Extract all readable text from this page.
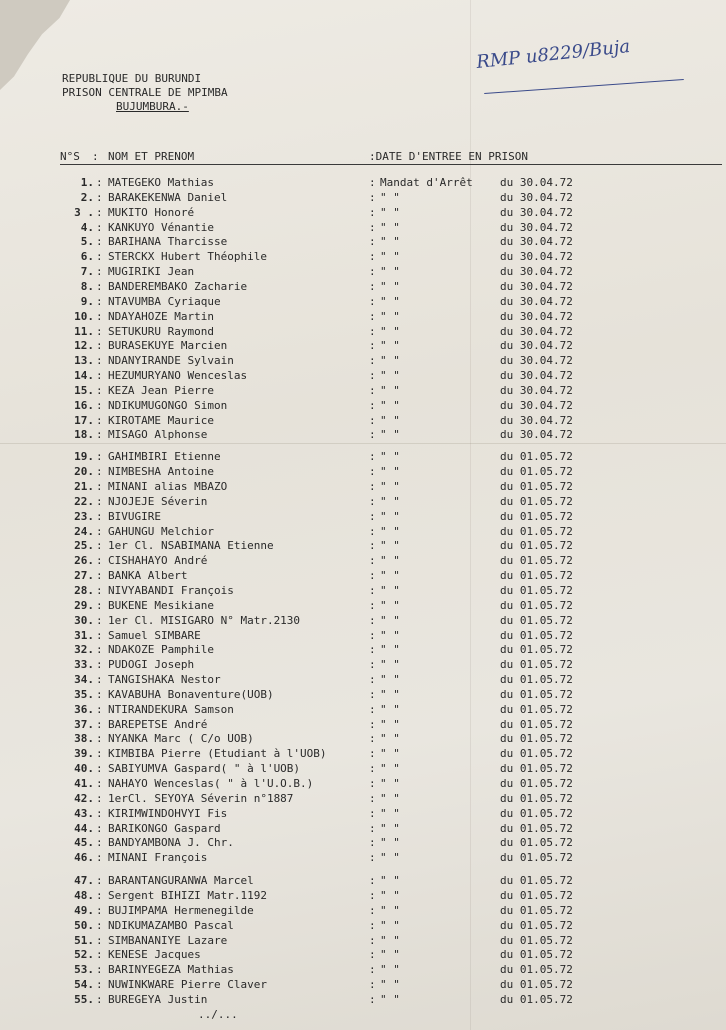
REPUBLIQUE DU BURUNDI
PRISON CENTRALE DE MPIMBA
BUJUMBURA.-
RMP u8229/Buja
N°S : NOM ET PRENOM	:DATE D'ENTREE EN PRISON
1. : MATEGEKO Mathias	: Mandat d'Arrêt du 30.04.72
2. : BARAKEKENWA Daniel	: " "	du 30.04.72
3 . : MUKITO Honoré	: " "	du 30.04.72
4. : KANKUYO Vénantie	: " "	du 30.04.72
5. : BARIHANA Tharcisse	: " "	du 30.04.72
6. : STERCKX Hubert Théophile	: " "	du 30.04.72
7. : MUGIRIKI Jean	: " "	du 30.04.72
8. : BANDEREMBAKO Zacharie	: " "	du 30.04.72
9. : NTAVUMBA Cyriaque	: " "	du 30.04.72
10. : NDAYAHOZE Martin	: " "	du 30.04.72
11. : SETUKURU Raymond	: " "	du 30.04.72
12. : BURASEKUYE Marcien	: " "	du 30.04.72
13. : NDANYIRANDE Sylvain	: " "	du 30.04.72
14. : HEZUMURYANO Wenceslas	: " "	du 30.04.72
15. : KEZA Jean Pierre	: " "	du 30.04.72
16. : NDIKUMUGONGO Simon	: " "	du 30.04.72
17. : KIROTAME Maurice	: " "	du 30.04.72
18. : MISAGO Alphonse	: " "	du 30.04.72
19. : GAHIMBIRI Etienne	: " "	du 01.05.72
20. : NIMBESHA Antoine	: " "	du 01.05.72
21. : MINANI alias MBAZO	: " "	du 01.05.72
22. : NJOJEJE Séverin	: " "	du 01.05.72
23. : BIVUGIRE	: " "	du 01.05.72
24. : GAHUNGU Melchior	: " "	du 01.05.72
25. : 1er Cl. NSABIMANA Etienne	: " "	du 01.05.72
26. : CISHAHAYO André	: " "	du 01.05.72
27. : BANKA Albert	: " "	du 01.05.72
28. : NIVYABANDI François	: " "	du 01.05.72
29. : BUKENE Mesikiane	: " "	du 01.05.72
30. : 1er Cl. MISIGARO N° Matr.2130	: " "	du 01.05.72
31. : Samuel SIMBARE	: " "	du 01.05.72
32. : NDAKOZE Pamphile	: " "	du 01.05.72
33. : PUDOGI Joseph	: " "	du 01.05.72
34. : TANGISHAKA Nestor	: " "	du 01.05.72
35. : KAVABUHA Bonaventure(UOB)	: " "	du 01.05.72
36. : NTIRANDEKURA Samson	: " "	du 01.05.72
37. : BAREPETSE André	: " "	du 01.05.72
38. : NYANKA Marc ( C/o UOB)	: " "	du 01.05.72
39. : KIMBIBA Pierre (Etudiant à l'UOB)	: " "	du 01.05.72
40. : SABIYUMVA Gaspard( " à l'UOB)	: " "	du 01.05.72
41. : NAHAYO Wenceslas( " à l'U.O.B.)	: " "	du 01.05.72
42. : 1erCl. SEYOYA Séverin n°1887	: " "	du 01.05.72
43. : KIRIMWINDOHVYI Fis	: " "	du 01.05.72
44. : BARIKONGO Gaspard	: " "	du 01.05.72
45. : BANDYAMBONA J. Chr.	: " "	du 01.05.72
46. : MINANI François	: " "	du 01.05.72
47. : BARANTANGURANWA Marcel	: " "	du 01.05.72
48. : Sergent BIHIZI Matr.1192	: " "	du 01.05.72
49. : BUJIMPAMA Hermenegilde	: " "	du 01.05.72
50. : NDIKUMAZAMBO Pascal	: " "	du 01.05.72
51. : SIMBANANIYE Lazare	: " "	du 01.05.72
52. : KENESE Jacques	: " "	du 01.05.72
53. : BARINYEGEZA Mathias	: " "	du 01.05.72
54. : NUWINKWARE Pierre Claver	: " "	du 01.05.72
55. : BUREGEYA Justin	: " "	du 01.05.72
../...
